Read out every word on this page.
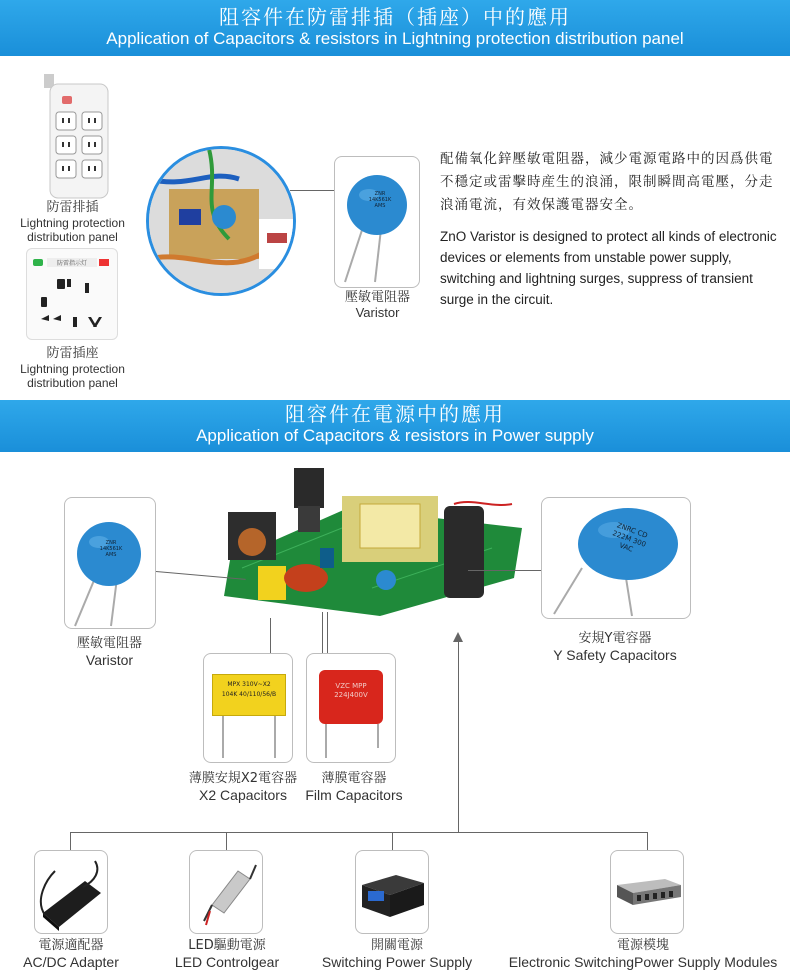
阻容件在防雷排插（插座）中的應用
Application of Capacitors & resistors in Lightning protection distribution panel
防雷排插
Lightning protection distribution panel
防雷指示灯
防雷插座
Lightning protection distribution panel
ZNR 14K561K AMS
壓敏電阻器
Varistor
配備氧化鋅壓敏電阻器，減少電源電路中的因爲供電不穩定或雷擊時産生的浪涌，限制瞬間高電壓，分走浪涌電流，有效保護電器安全。
ZnO Varistor is designed to protect all kinds of electronic devices or elements from unstable power supply, switching and lightning surges, suppress of transient surge in the circuit.
阻容件在電源中的應用
Application of Capacitors & resistors in Power supply
ZNR 14K561K AMS
壓敏電阻器
Varistor
ZNRC CD 222M 300 VAC
安規Y電容器
Y Safety Capacitors
MPX 310V~X2
104K 40/110/56/B
薄膜安規X2電容器
X2 Capacitors
VZC MPP
224J400V
薄膜電容器
Film Capacitors
電源適配器
AC/DC Adapter
LED驅動電源
LED Controlgear
開關電源
Switching Power Supply
電源模塊
Electronic SwitchingPower Supply Modules
